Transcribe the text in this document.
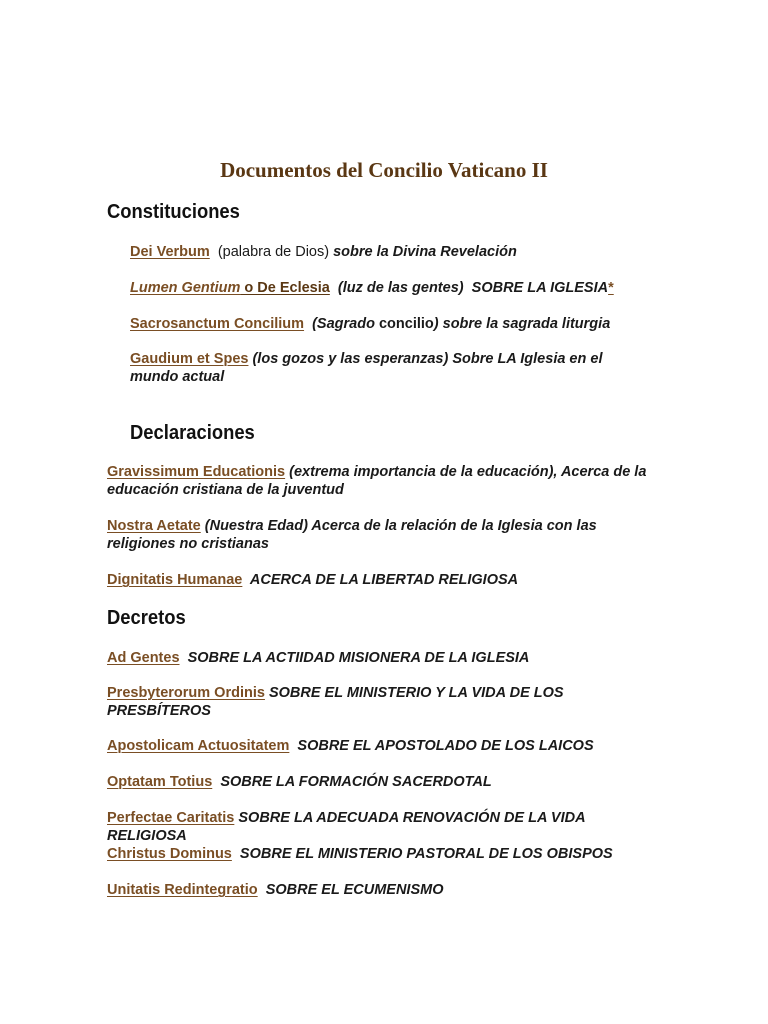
Documentos del Concilio Vaticano II
Constituciones

Dei Verbum (palabra de Dios) sobre la Divina Revelación

Lumen Gentium o De Eclesia  (luz de las gentes)  SOBRE LA IGLESIA*

Sacrosanctum Concilium  (Sagrado concilio) sobre la sagrada liturgia

Gaudium et Spes (los gozos y las esperanzas) Sobre LA Iglesia en el mundo actual

Declaraciones

Gravissimum Educationis (extrema importancia de la educación), Acerca de la educación cristiana de la juventud

Nostra Aetate (Nuestra Edad) Acerca de la relación de la Iglesia con las religiones no cristianas

Dignitatis Humanae  ACERCA DE LA LIBERTAD RELIGIOSA

Decretos

Ad Gentes  SOBRE LA ACTIIDAD MISIONERA DE LA IGLESIA

Presbyterorum Ordinis SOBRE EL MINISTERIO Y LA VIDA DE LOS PRESBÍTEROS

Apostolicam Actuositatem  SOBRE EL APOSTOLADO DE LOS LAICOS

Optatam Totius  SOBRE LA FORMACIÓN SACERDOTAL

Perfectae Caritatis SOBRE LA ADECUADA RENOVACIÓN DE LA VIDA RELIGIOSA

Christus Dominus  SOBRE EL MINISTERIO PASTORAL DE LOS OBISPOS

Unitatis Redintegratio  SOBRE EL ECUMENISMO
